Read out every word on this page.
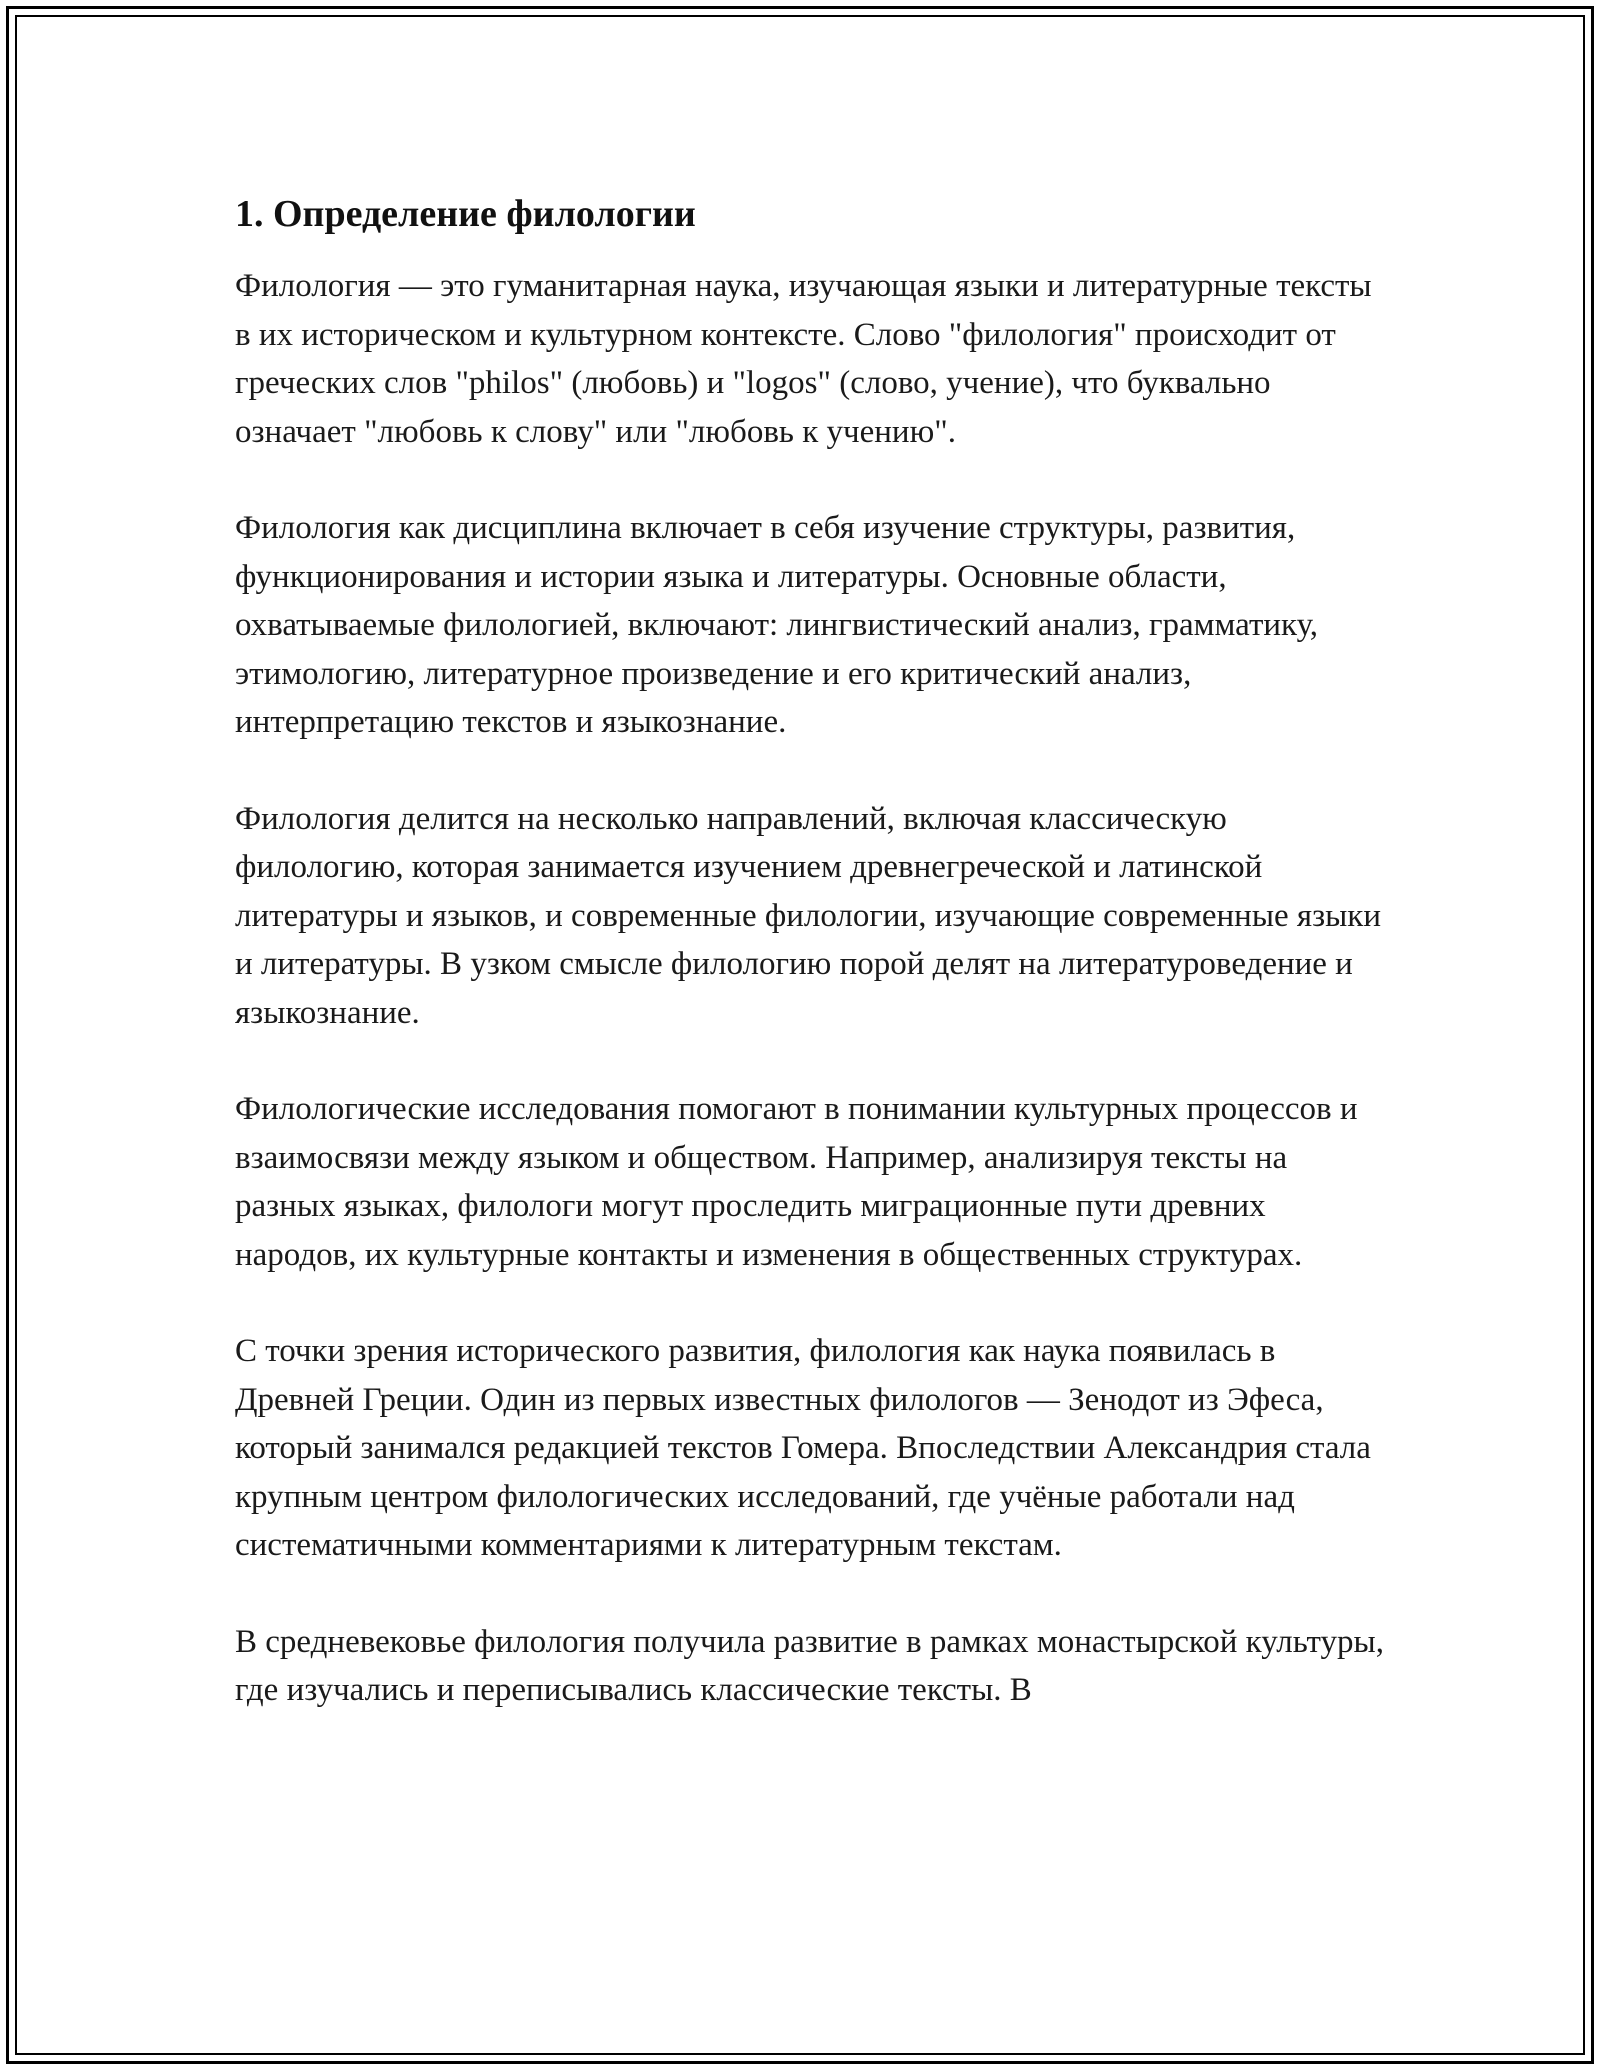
1. Определение филологии

Филология — это гуманитарная наука, изучающая языки и литературные тексты в их историческом и культурном контексте. Слово "филология" происходит от греческих слов "philos" (любовь) и "logos" (слово, учение), что буквально означает "любовь к слову" или "любовь к учению".

Филология как дисциплина включает в себя изучение структуры, развития, функционирования и истории языка и литературы. Основные области, охватываемые филологией, включают: лингвистический анализ, грамматику, этимологию, литературное произведение и его критический анализ, интерпретацию текстов и языкознание.

Филология делится на несколько направлений, включая классическую филологию, которая занимается изучением древнегреческой и латинской литературы и языков, и современные филологии, изучающие современные языки и литературы. В узком смысле филологию порой делят на литературоведение и языкознание.

Филологические исследования помогают в понимании культурных процессов и взаимосвязи между языком и обществом. Например, анализируя тексты на разных языках, филологи могут проследить миграционные пути древних народов, их культурные контакты и изменения в общественных структурах.

С точки зрения исторического развития, филология как наука появилась в Древней Греции. Один из первых известных филологов — Зенодот из Эфеса, который занимался редакцией текстов Гомера. Впоследствии Александрия стала крупным центром филологических исследований, где учёные работали над систематичными комментариями к литературным текстам.

В средневековье филология получила развитие в рамках монастырской культуры, где изучались и переписывались классические тексты. В
